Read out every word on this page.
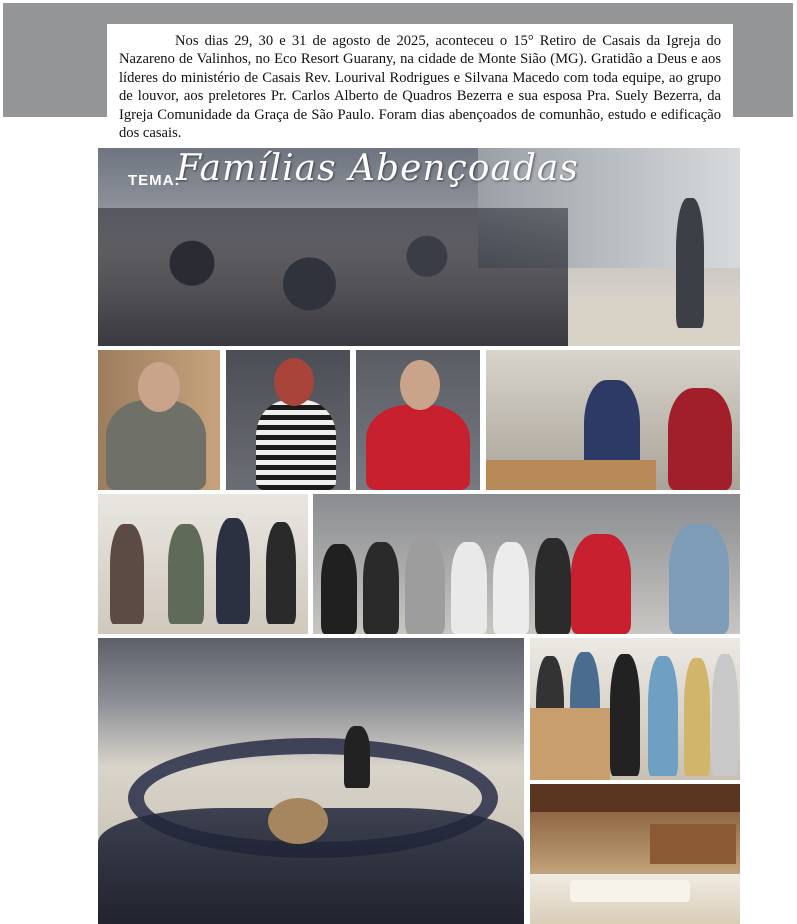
Nos dias 29, 30 e 31 de agosto de 2025, aconteceu o 15° Retiro de Casais da Igreja do Nazareno de Valinhos, no Eco Resort Guarany, na cidade de Monte Sião (MG). Gratidão a Deus e aos líderes do ministério de Casais Rev. Lourival Rodrigues e Silvana Macedo com toda equipe, ao grupo de louvor, aos preletores Pr. Carlos Alberto de Quadros Bezerra e sua esposa Pra. Suely Bezerra, da Igreja Comunidade da Graça de São Paulo. Foram dias abençoados de comunhão, estudo e edificação dos casais.
TEMA:
Famílias Abençoadas
